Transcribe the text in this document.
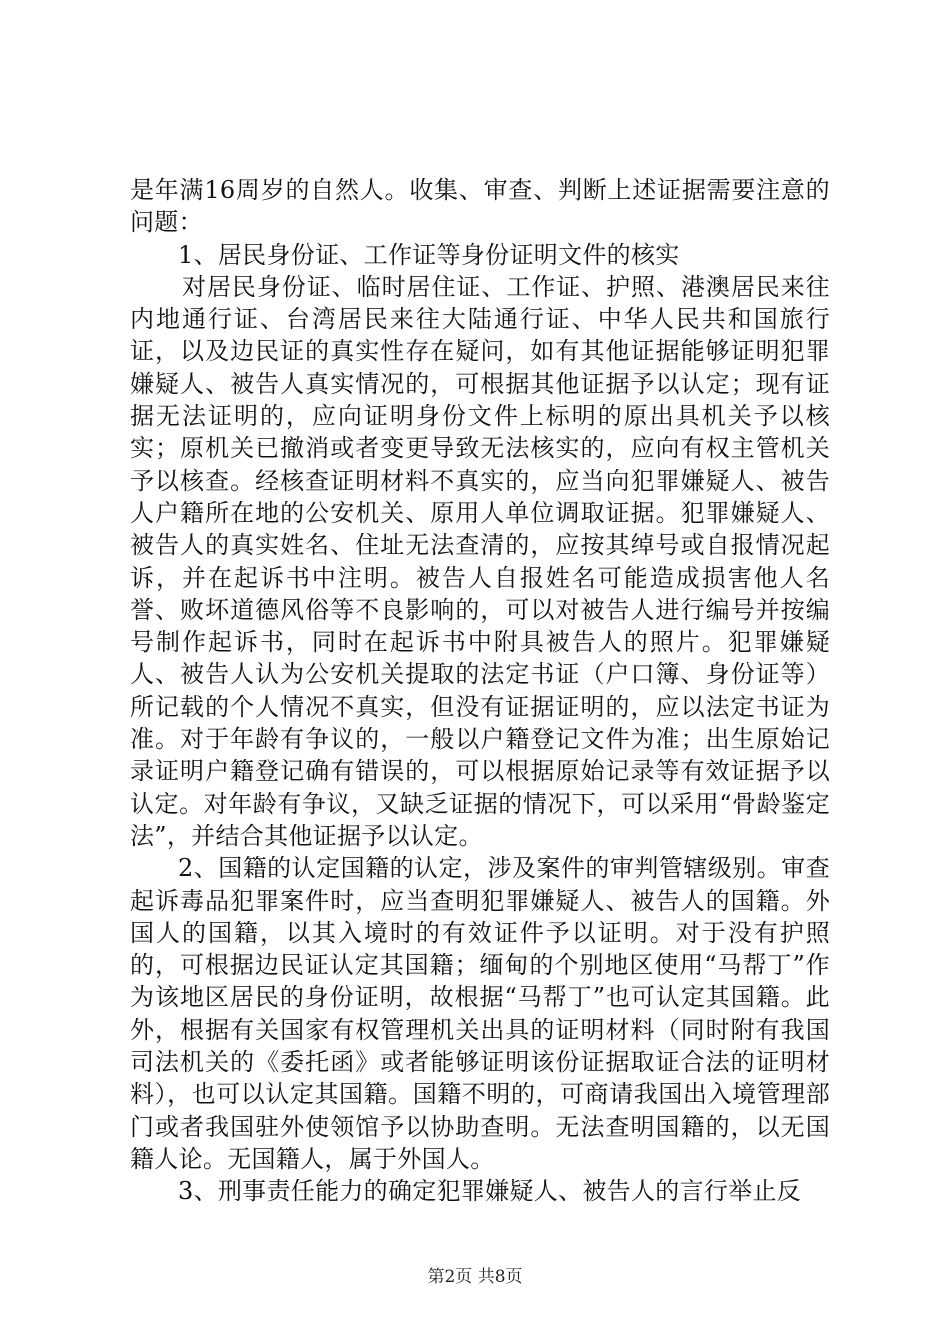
是年满16周岁的自然人。收集、审查、判断上述证据需要注意的问题：

1、居民身份证、工作证等身份证明文件的核实

对居民身份证、临时居住证、工作证、护照、港澳居民来往内地通行证、台湾居民来往大陆通行证、中华人民共和国旅行证，以及边民证的真实性存在疑问，如有其他证据能够证明犯罪嫌疑人、被告人真实情况的，可根据其他证据予以认定；现有证据无法证明的，应向证明身份文件上标明的原出具机关予以核实；原机关已撤消或者变更导致无法核实的，应向有权主管机关予以核查。经核查证明材料不真实的，应当向犯罪嫌疑人、被告人户籍所在地的公安机关、原用人单位调取证据。犯罪嫌疑人、被告人的真实姓名、住址无法查清的，应按其绰号或自报情况起诉，并在起诉书中注明。被告人自报姓名可能造成损害他人名誉、败坏道德风俗等不良影响的，可以对被告人进行编号并按编号制作起诉书，同时在起诉书中附具被告人的照片。犯罪嫌疑人、被告人认为公安机关提取的法定书证（户口簿、身份证等）所记载的个人情况不真实，但没有证据证明的，应以法定书证为准。对于年龄有争议的，一般以户籍登记文件为准；出生原始记录证明户籍登记确有错误的，可以根据原始记录等有效证据予以认定。对年龄有争议，又缺乏证据的情况下，可以采用“骨龄鉴定法”，并结合其他证据予以认定。

2、国籍的认定国籍的认定，涉及案件的审判管辖级别。审查起诉毒品犯罪案件时，应当查明犯罪嫌疑人、被告人的国籍。外国人的国籍，以其入境时的有效证件予以证明。对于没有护照的，可根据边民证认定其国籍；缅甸的个别地区使用“马帮丁”作为该地区居民的身份证明，故根据“马帮丁”也可认定其国籍。此外，根据有关国家有权管理机关出具的证明材料（同时附有我国司法机关的《委托函》或者能够证明该份证据取证合法的证明材料），也可以认定其国籍。国籍不明的，可商请我国出入境管理部门或者我国驻外使领馆予以协助查明。无法查明国籍的，以无国籍人论。无国籍人，属于外国人。

3、刑事责任能力的确定犯罪嫌疑人、被告人的言行举止反

第2页 共8页
